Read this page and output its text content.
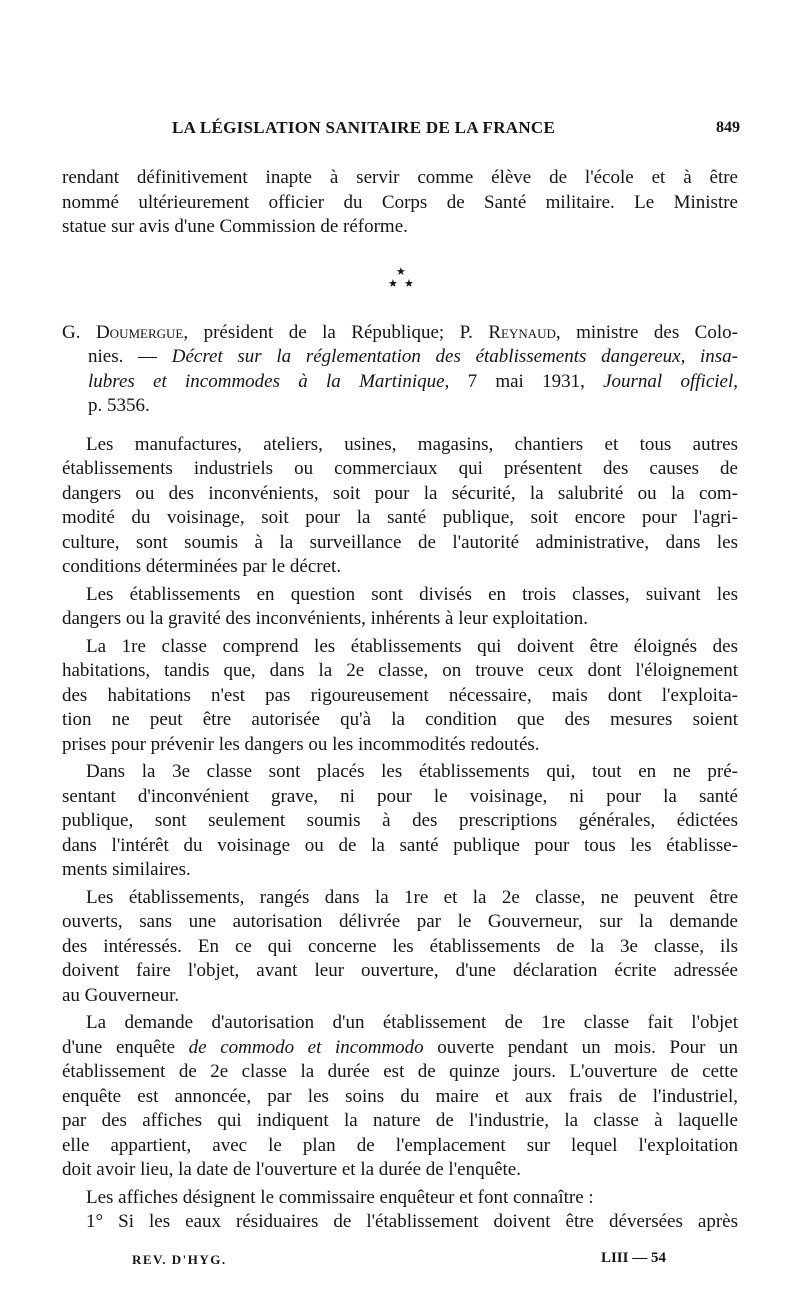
LA LÉGISLATION SANITAIRE DE LA FRANCE	849
rendant définitivement inapte à servir comme élève de l'école et à être
nommé ultérieurement officier du Corps de Santé militaire. Le Ministre
statue sur avis d'une Commission de réforme.
G. Doumergue, président de la République; P. Reynaud, ministre des Colo-
nies. — Décret sur la réglementation des établissements dangereux, insa-
lubres et incommodes à la Martinique, 7 mai 1931, Journal officiel,
p. 5356.
Les manufactures, ateliers, usines, magasins, chantiers et tous autres
établissements industriels ou commerciaux qui présentent des causes de
dangers ou des inconvénients, soit pour la sécurité, la salubrité ou la com-
modité du voisinage, soit pour la santé publique, soit encore pour l'agri-
culture, sont soumis à la surveillance de l'autorité administrative, dans les
conditions déterminées par le décret.
Les établissements en question sont divisés en trois classes, suivant les
dangers ou la gravité des inconvénients, inhérents à leur exploitation.
La 1re classe comprend les établissements qui doivent être éloignés des
habitations, tandis que, dans la 2e classe, on trouve ceux dont l'éloignement
des habitations n'est pas rigoureusement nécessaire, mais dont l'exploita-
tion ne peut être autorisée qu'à la condition que des mesures soient
prises pour prévenir les dangers ou les incommodités redoutés.
Dans la 3e classe sont placés les établissements qui, tout en ne pré-
sentant d'inconvénient grave, ni pour le voisinage, ni pour la santé
publique, sont seulement soumis à des prescriptions générales, édictées
dans l'intérêt du voisinage ou de la santé publique pour tous les établisse-
ments similaires.
Les établissements, rangés dans la 1re et la 2e classe, ne peuvent être
ouverts, sans une autorisation délivrée par le Gouverneur, sur la demande
des intéressés. En ce qui concerne les établissements de la 3e classe, ils
doivent faire l'objet, avant leur ouverture, d'une déclaration écrite adressée
au Gouverneur.
La demande d'autorisation d'un établissement de 1re classe fait l'objet
d'une enquête de commodo et incommodo ouverte pendant un mois. Pour un
établissement de 2e classe la durée est de quinze jours. L'ouverture de cette
enquête est annoncée, par les soins du maire et aux frais de l'industriel,
par des affiches qui indiquent la nature de l'industrie, la classe à laquelle
elle appartient, avec le plan de l'emplacement sur lequel l'exploitation
doit avoir lieu, la date de l'ouverture et la durée de l'enquête.
Les affiches désignent le commissaire enquêteur et font connaître :
1° Si les eaux résiduaires de l'établissement doivent être déversées après
★
★ ★
REV. D'HYG.	LIII — 54
